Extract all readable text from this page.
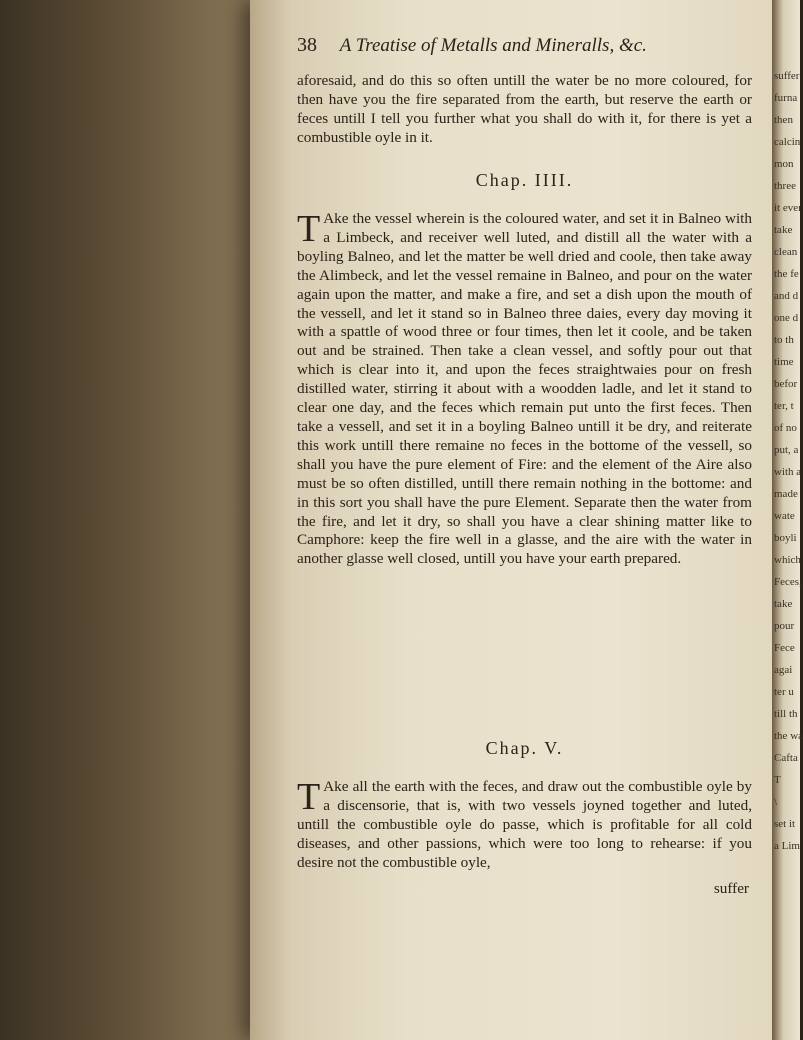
suffer
furna
then
calcin
mon
three
it ever
take
clean
the fe
and d
one d
to th
time
befor
ter, t
of no
put, a
with a
made
wate
boyli
which
Feces,
take
pour
Fece
agai
ter u
till th
the wa
Cafta
T
\
set it
a Lim
38 A Treatise of Metalls and Mineralls, &c.
aforesaid, and do this so often untill the water be no more coloured, for then have you the fire separated from the earth, but reserve the earth or feces untill I tell you further what you shall do with it, for there is yet a combustible oyle in it.
Chap. IIII.
T Ake the vessel wherein is the coloured water, and set it in Balneo with a Limbeck, and receiver well luted, and distill all the water with a boyling Balneo, and let the matter be well dried and coole, then take away the Alimbeck, and let the vessel remaine in Balneo, and pour on the water again upon the matter, and make a fire, and set a dish upon the mouth of the vessell, and let it stand so in Balneo three daies, every day moving it with a spattle of wood three or four times, then let it coole, and be taken out and be strained. Then take a clean vessel, and softly pour out that which is clear into it, and upon the feces straightwaies pour on fresh distilled water, stirring it about with a woodden ladle, and let it stand to clear one day, and the feces which remain put unto the first feces. Then take a vessell, and set it in a boyling Balneo untill it be dry, and reiterate this work untill there remaine no feces in the bottome of the vessell, so shall you have the pure element of Fire: and the element of the Aire also must be so often distilled, untill there remain nothing in the bottome: and in this sort you shall have the pure Element. Separate then the water from the fire, and let it dry, so shall you have a clear shining matter like to Camphore: keep the fire well in a glasse, and the aire with the water in another glasse well closed, untill you have your earth prepared.
Chap. V.
T Ake all the earth with the feces, and draw out the combustible oyle by a discensorie, that is, with two vessels joyned together and luted, untill the combustible oyle do passe, which is profitable for all cold diseases, and other passions, which were too long to rehearse: if you desire not the combustible oyle,
suffer
